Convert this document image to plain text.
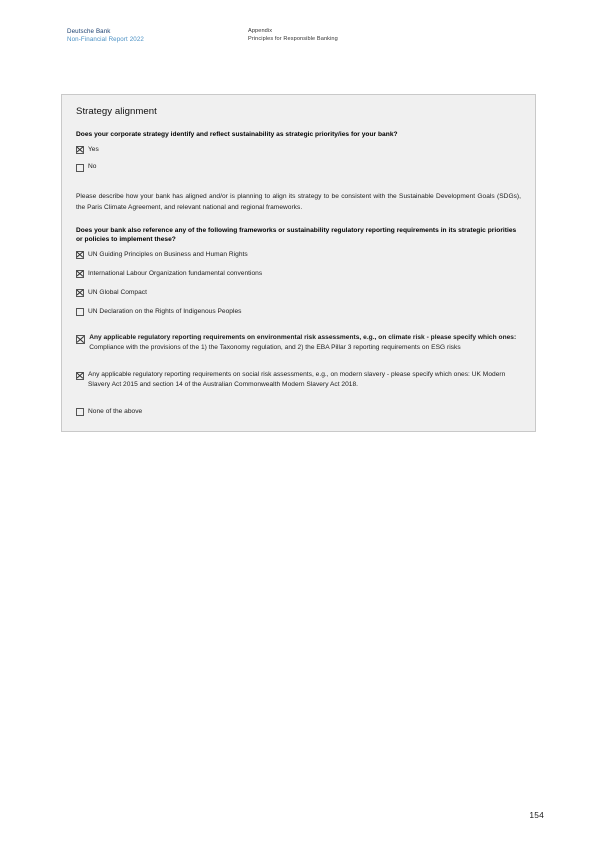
Deutsche Bank
Non-Financial Report 2022
Appendix
Principles for Responsible Banking
Strategy alignment
Does your corporate strategy identify and reflect sustainability as strategic priority/ies for your bank?
Yes
No
Please describe how your bank has aligned and/or is planning to align its strategy to be consistent with the Sustainable Development Goals (SDGs), the Paris Climate Agreement, and relevant national and regional frameworks.
Does your bank also reference any of the following frameworks or sustainability regulatory reporting requirements in its strategic priorities or policies to implement these?
UN Guiding Principles on Business and Human Rights
International Labour Organization fundamental conventions
UN Global Compact
UN Declaration on the Rights of Indigenous Peoples
Any applicable regulatory reporting requirements on environmental risk assessments, e.g., on climate risk - please specify which ones: Compliance with the provisions of the 1) the Taxonomy regulation, and 2) the EBA Pillar 3 reporting requirements on ESG risks
Any applicable regulatory reporting requirements on social risk assessments, e.g., on modern slavery - please specify which ones: UK Modern Slavery Act 2015 and section 14 of the Australian Commonwealth Modern Slavery Act 2018.
None of the above
154
